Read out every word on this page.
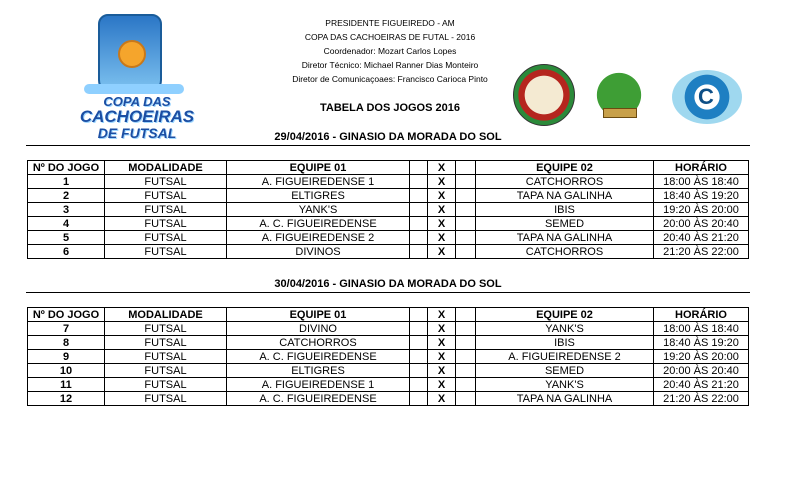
COPA DAS
CACHOEIRAS
DE FUTSAL
PRESIDENTE FIGUEIREDO - AM
COPA DAS CACHOEIRAS DE FUTAL - 2016
Coordenador: Mozart Carlos Lopes
Diretor Técnico: Michael Ranner Dias Monteiro
Diretor de Comunicaçoaes: Francisco Carioca Pinto
TABELA DOS JOGOS 2016	C
29/04/2016 - GINASIO DA MORADA DO SOL
Nº DO JOGO	MODALIDADE	EQUIPE 01		X		EQUIPE 02	HORÁRIO
1	FUTSAL	A. FIGUEIREDENSE 1		X		CATCHORROS	18:00 ÀS 18:40
2	FUTSAL	ELTIGRES		X		TAPA NA GALINHA	18:40 ÀS 19:20
3	FUTSAL	YANK'S		X		IBIS	19:20 ÀS 20:00
4	FUTSAL	A. C. FIGUEIREDENSE		X		SEMED	20:00 ÀS 20:40
5	FUTSAL	A. FIGUEIREDENSE 2		X		TAPA NA GALINHA	20:40 ÀS 21:20
6	FUTSAL	DIVINOS		X		CATCHORROS	21:20 ÀS 22:00
30/04/2016 - GINASIO DA MORADA DO SOL
Nº DO JOGO	MODALIDADE	EQUIPE 01		X		EQUIPE 02	HORÁRIO
7	FUTSAL	DIVINO		X		YANK'S	18:00 ÀS 18:40
8	FUTSAL	CATCHORROS		X		IBIS	18:40 ÀS 19:20
9	FUTSAL	A. C. FIGUEIREDENSE		X		A. FIGUEIREDENSE 2	19:20 ÀS 20:00
10	FUTSAL	ELTIGRES		X		SEMED	20:00 ÀS 20:40
11	FUTSAL	A. FIGUEIREDENSE 1		X		YANK'S	20:40 ÀS 21:20
12	FUTSAL	A. C. FIGUEIREDENSE		X		TAPA NA GALINHA	21:20 ÀS 22:00
